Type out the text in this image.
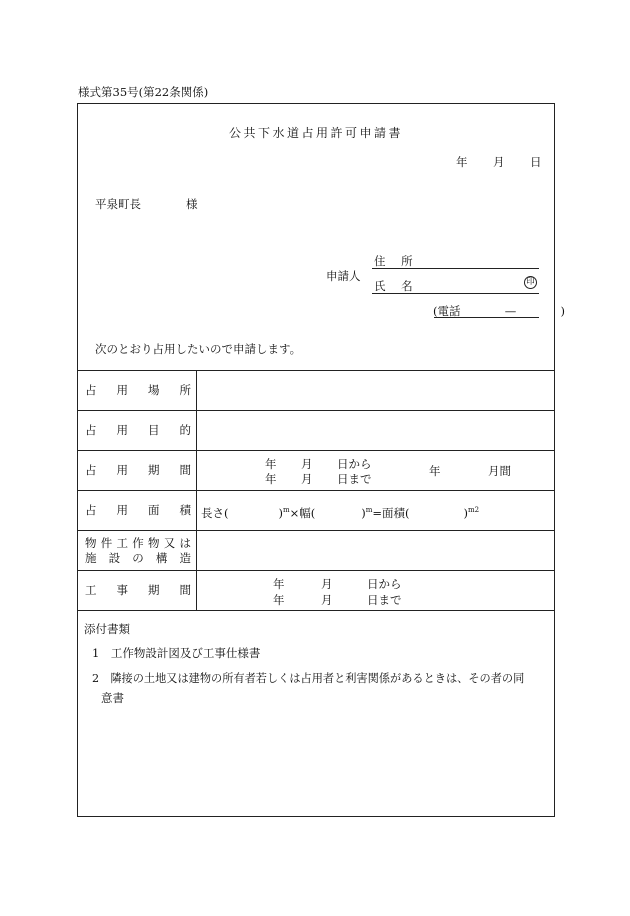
様式第35号(第22条関係)
公共下水道占用許可申請書
年 月 日
平泉町長	様
申請人
住 所
氏 名	印
(電話	—	)
次のとおり占用したいので申請します。
占用場所
占用目的
占用期間	年 月 日から
年 月 日まで
年	月間
占用面積 長さ(	)$^m$×幅(	)$^m$=面積(	)$^{m2}$
物件工作物又は
施設の構造
工事期間	年	月	日から
年	月	日まで
添付書類
1　 工作物設計図及び工事仕様書
2　 隣接の土地又は建物の所有者若しくは占用者と利害関係があるときは、その者の同
意書
